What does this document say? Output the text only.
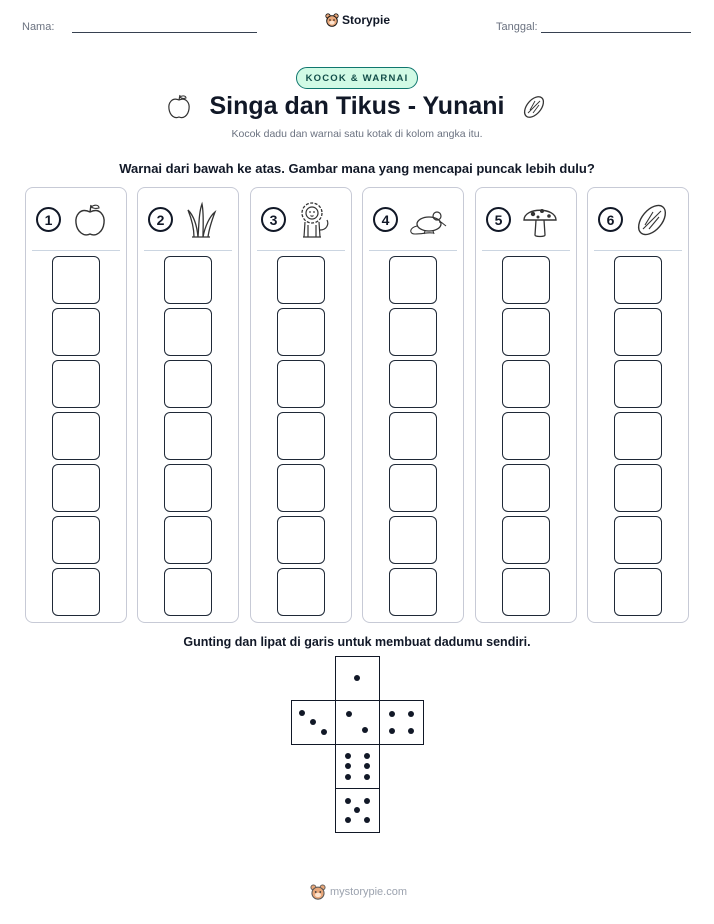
Nama:	Storypie	Tanggal:
KOCOK & WARNAI
Singa dan Tikus - Yunani
Kocok dadu dan warnai satu kotak di kolom angka itu.
Warnai dari bawah ke atas. Gambar mana yang mencapai puncak lebih dulu?
1	2	3	4	5	6
Gunting dan lipat di garis untuk membuat dadumu sendiri.
mystorypie.com
